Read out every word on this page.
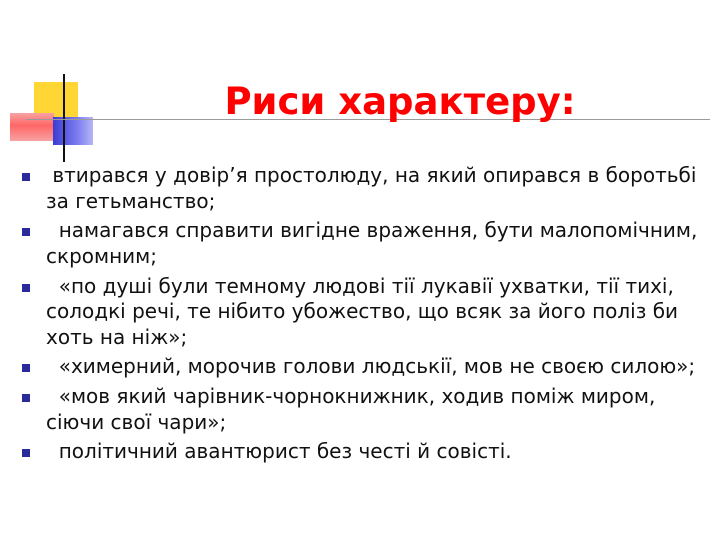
Риси характеру:
втирався у довір’я простолюду, на який опирався в боротьбі за гетьманство;
намагався справити вигідне враження, бути малопомічним, скромним;
«по душі були темному людові тії лукавії ухватки, тії тихі, солодкі речі, те нібито убожество, що всяк за його поліз би хоть на ніж»;
«химерний, морочив голови людськії, мов не своєю силою»;
«мов який чарівник-чорнокнижник, ходив поміж миром, сіючи свої чари»;
політичний авантюрист без честі й совісті.
